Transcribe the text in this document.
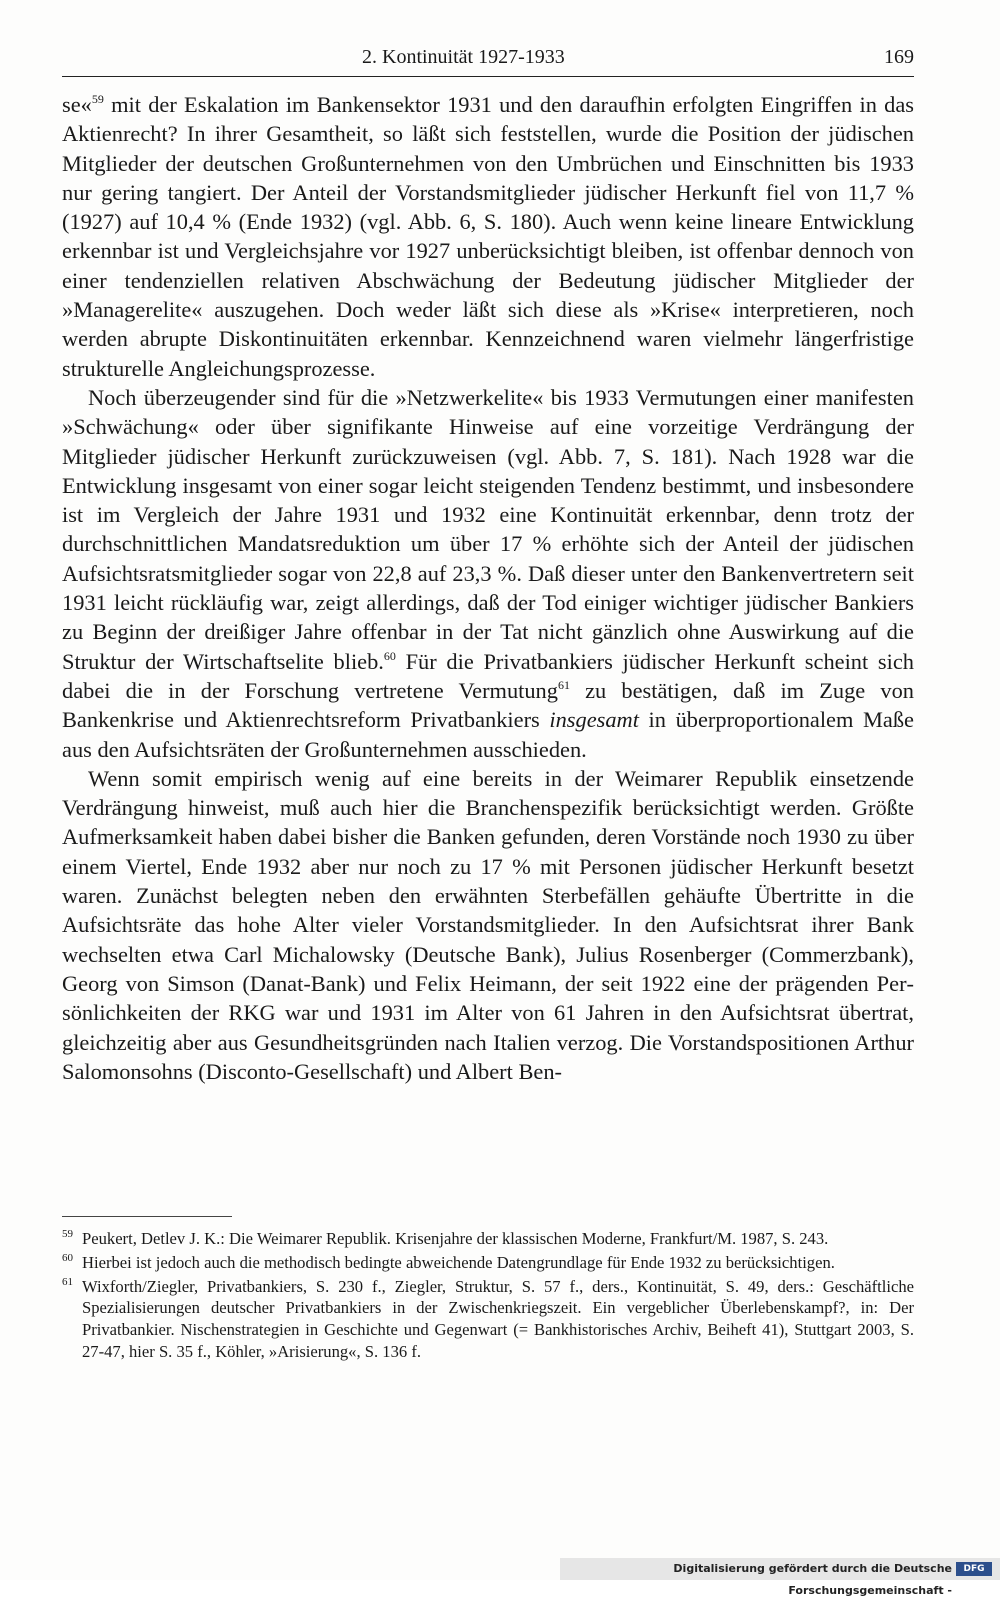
2. Kontinuität 1927-1933	169

se«$^{59}$ mit der Eskalation im Bankensektor 1931 und den daraufhin erfolgten Eingriffen in das Aktienrecht? In ihrer Gesamtheit, so läßt sich feststellen, wurde die Position der jüdischen Mitglieder der deutschen Großunternehmen von den Umbrüchen und Einschnitten bis 1933 nur gering tangiert. Der Anteil der Vorstandsmitglieder jüdischer Herkunft fiel von 11,7 % (1927) auf 10,4 % (Ende 1932) (vgl. Abb. 6, S. 180). Auch wenn keine lineare Entwicklung erkennbar ist und Vergleichsjahre vor 1927 unberücksichtigt bleiben, ist offenbar dennoch von einer tendenziellen relativen Abschwächung der Bedeutung jüdischer Mitglieder der »Managerelite« auszugehen. Doch weder läßt sich diese als »Krise« interpretieren, noch werden abrupte Diskontinuitäten erkennbar. Kennzeichnend waren vielmehr längerfristige strukturelle Angleichungsprozesse.

Noch überzeugender sind für die »Netzwerkelite« bis 1933 Vermutungen einer manifesten »Schwächung« oder über signifikante Hinweise auf eine vorzeitige Verdrängung der Mitglieder jüdischer Herkunft zurückzuweisen (vgl. Abb. 7, S. 181). Nach 1928 war die Entwicklung insgesamt von einer sogar leicht steigenden Tendenz bestimmt, und insbesondere ist im Vergleich der Jahre 1931 und 1932 eine Kontinuität erkennbar, denn trotz der durchschnittlichen Mandatsreduktion um über 17 % erhöhte sich der Anteil der jüdischen Aufsichtsratsmitglieder sogar von 22,8 auf 23,3 %. Daß dieser unter den Bankenvertretern seit 1931 leicht rückläufig war, zeigt allerdings, daß der Tod einiger wichtiger jüdischer Bankiers zu Beginn der dreißiger Jahre offenbar in der Tat nicht gänzlich ohne Auswirkung auf die Struktur der Wirtschaftselite blieb.$^{60}$ Für die Privatbankiers jüdischer Herkunft scheint sich dabei die in der Forschung vertretene Vermutung$^{61}$ zu bestätigen, daß im Zuge von Bankenkrise und Aktienrechtsreform Privatbankiers insgesamt in überproportionalem Maße aus den Aufsichtsräten der Großunternehmen ausschieden.

Wenn somit empirisch wenig auf eine bereits in der Weimarer Republik einsetzende Verdrängung hinweist, muß auch hier die Branchenspezifik berücksichtigt werden. Größte Aufmerksamkeit haben dabei bisher die Banken gefunden, deren Vorstände noch 1930 zu über einem Viertel, Ende 1932 aber nur noch zu 17 % mit Personen jüdischer Herkunft besetzt waren. Zunächst belegten neben den erwähnten Sterbefällen gehäufte Übertritte in die Aufsichtsräte das hohe Alter vieler Vorstandsmitglieder. In den Aufsichtsrat ihrer Bank wechselten etwa Carl Michalowsky (Deutsche Bank), Julius Rosenberger (Commerzbank), Georg von Simson (Danat-Bank) und Felix Heimann, der seit 1922 eine der prägenden Persönlichkeiten der RKG war und 1931 im Alter von 61 Jahren in den Aufsichtsrat übertrat, gleichzeitig aber aus Gesundheitsgründen nach Italien verzog. Die Vorstandspositionen Arthur Salomonsohns (Disconto-Gesellschaft) und Albert Ben-

59 Peukert, Detlev J. K.: Die Weimarer Republik. Krisenjahre der klassischen Moderne, Frankfurt/M. 1987, S. 243.
60 Hierbei ist jedoch auch die methodisch bedingte abweichende Datengrundlage für Ende 1932 zu berücksichtigen.
61 Wixforth/Ziegler, Privatbankiers, S. 230 f., Ziegler, Struktur, S. 57 f., ders., Kontinuität, S. 49, ders.: Geschäftliche Spezialisierungen deutscher Privatbankiers in der Zwischenkriegszeit. Ein vergeblicher Überlebenskampf?, in: Der Privatbankier. Nischenstrategien in Geschichte und Gegenwart (= Bankhistorisches Archiv, Beiheft 41), Stuttgart 2003, S. 27-47, hier S. 35 f., Köhler, »Arisierung«, S. 136 f.
Digitalisierung gefördert durch die Deutsche Forschungsgemeinschaft -
DFG
